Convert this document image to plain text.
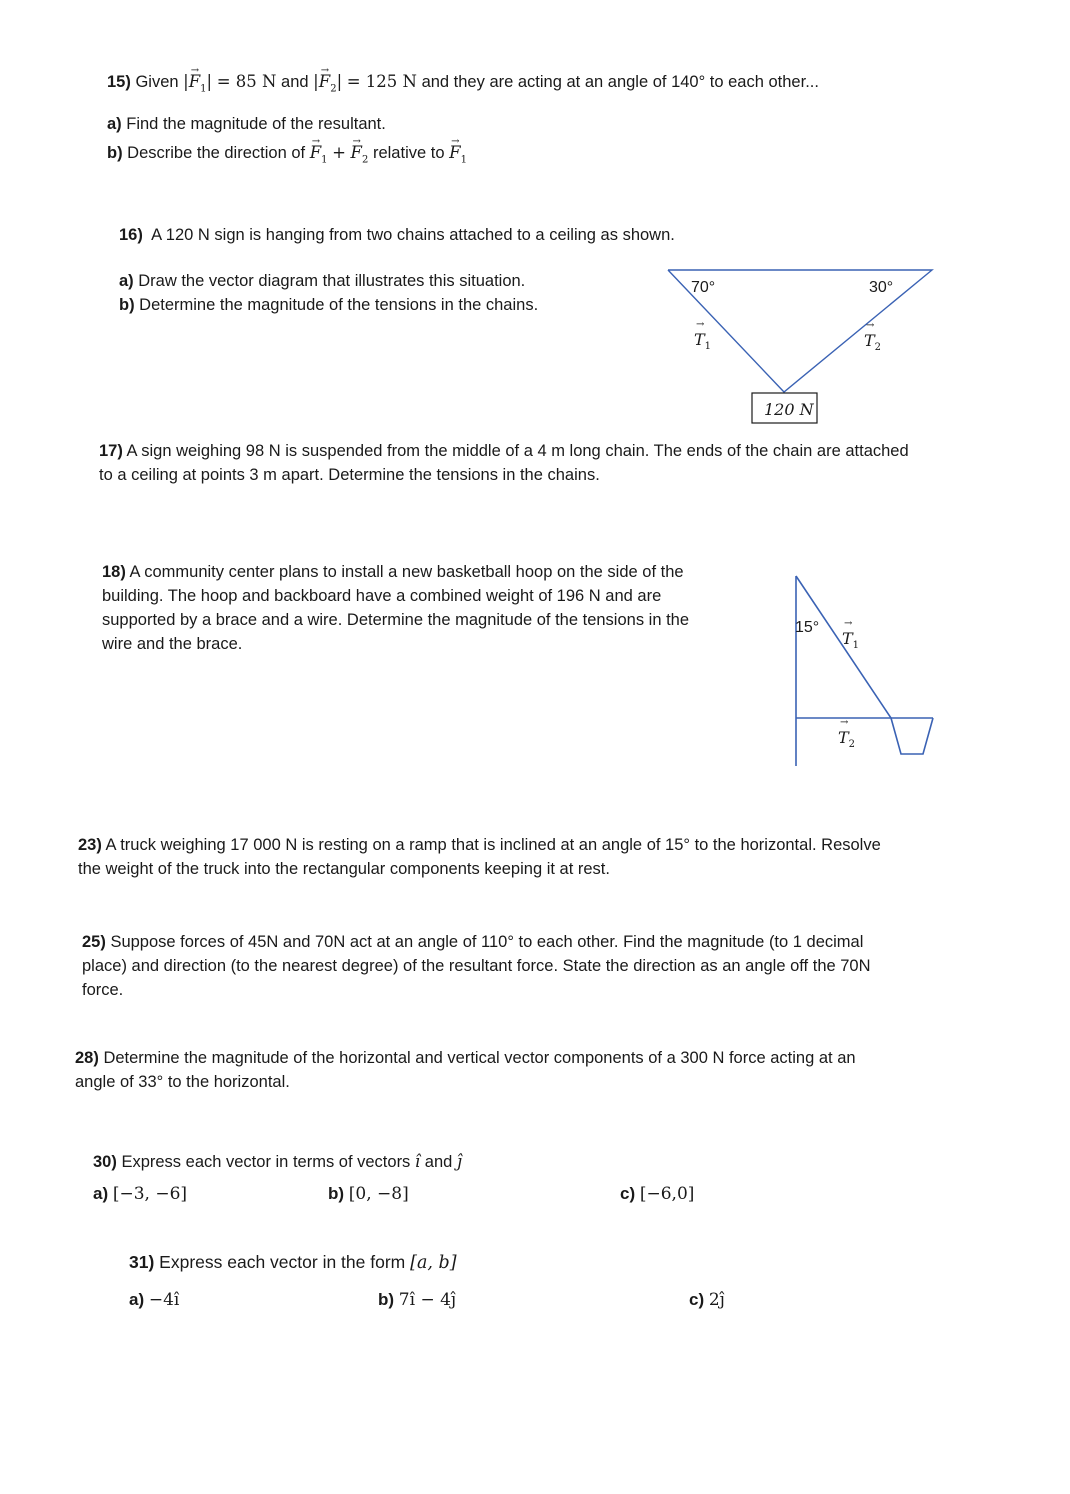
15) Given |→ $F_1| = 85$ N and |→ $F_2| = 125$ N and they are acting at an angle of 140° to each other...

a) Find the magnitude of the resultant.

b) Describe the direction of → $F_1$ + → $F_2$ relative to → $F_1$

16) A 120 N sign is hanging from two chains attached to a ceiling as shown.

a) Draw the vector diagram that illustrates this situation.

b) Determine the magnitude of the tensions in the chains.

70°	30°
→ $T_1$	→ $T_2$
120 N

17) A sign weighing 98 N is suspended from the middle of a 4 m long chain. The ends of the chain are attached

to a ceiling at points 3 m apart. Determine the tensions in the chains.

18) A community center plans to install a new basketball hoop on the side of the

building. The hoop and backboard have a combined weight of 196 N and are

supported by a brace and a wire. Determine the magnitude of the tensions in the

wire and the brace.

15°
→ $T_1$
→ $T_2$

23) A truck weighing 17 000 N is resting on a ramp that is inclined at an angle of 15° to the horizontal. Resolve

the weight of the truck into the rectangular components keeping it at rest.

25) Suppose forces of 45N and 70N act at an angle of 110° to each other. Find the magnitude (to 1 decimal

place) and direction (to the nearest degree) of the resultant force. State the direction as an angle off the 70N

force.

28) Determine the magnitude of the horizontal and vertical vector components of a 300 N force acting at an

angle of 33° to the horizontal.

30) Express each vector in terms of vectors î and ĵ

a) [−3, −6]	b) [0, −8]	c) [−6,0]

31) Express each vector in the form [a, b]

a) −4î	b) 7î − 4ĵ	c) 2ĵ
